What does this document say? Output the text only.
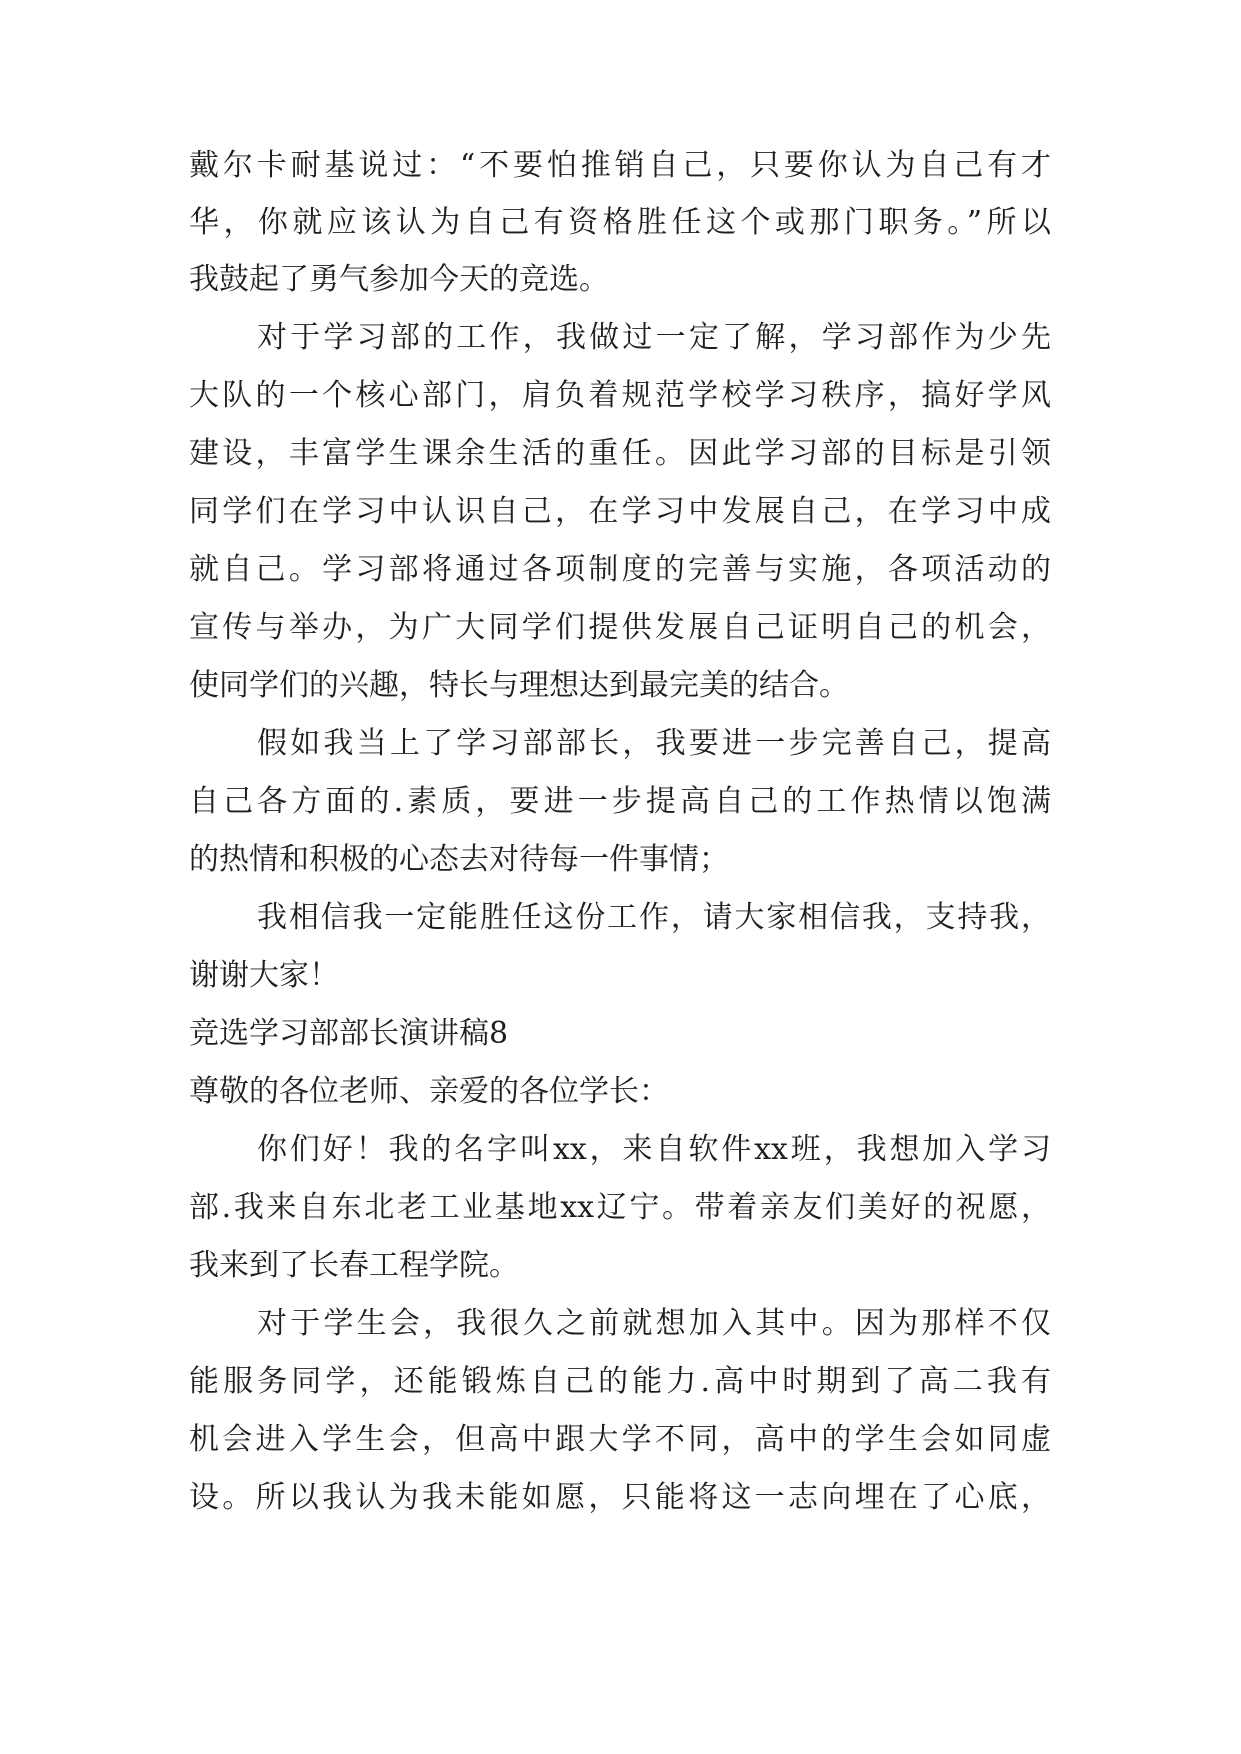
戴尔卡耐基说过：“不要怕推销自己，只要你认为自己有才

华，你就应该认为自己有资格胜任这个或那门职务。”所以

我鼓起了勇气参加今天的竞选。

对于学习部的工作，我做过一定了解，学习部作为少先

大队的一个核心部门，肩负着规范学校学习秩序，搞好学风

建设，丰富学生课余生活的重任。因此学习部的目标是引领

同学们在学习中认识自己，在学习中发展自己，在学习中成

就自己。学习部将通过各项制度的完善与实施，各项活动的

宣传与举办，为广大同学们提供发展自己证明自己的机会，

使同学们的兴趣，特长与理想达到最完美的结合。

假如我当上了学习部部长，我要进一步完善自己，提高

自己各方面的.素质，要进一步提高自己的工作热情以饱满

的热情和积极的心态去对待每一件事情；

我相信我一定能胜任这份工作，请大家相信我，支持我，

谢谢大家！

竞选学习部部长演讲稿8

尊敬的各位老师、亲爱的各位学长：

你们好！我的名字叫xx，来自软件xx班，我想加入学习

部.我来自东北老工业基地xx辽宁。带着亲友们美好的祝愿，

我来到了长春工程学院。

对于学生会，我很久之前就想加入其中。因为那样不仅

能服务同学，还能锻炼自己的能力.高中时期到了高二我有

机会进入学生会，但高中跟大学不同，高中的学生会如同虚

设。所以我认为我未能如愿，只能将这一志向埋在了心底，
